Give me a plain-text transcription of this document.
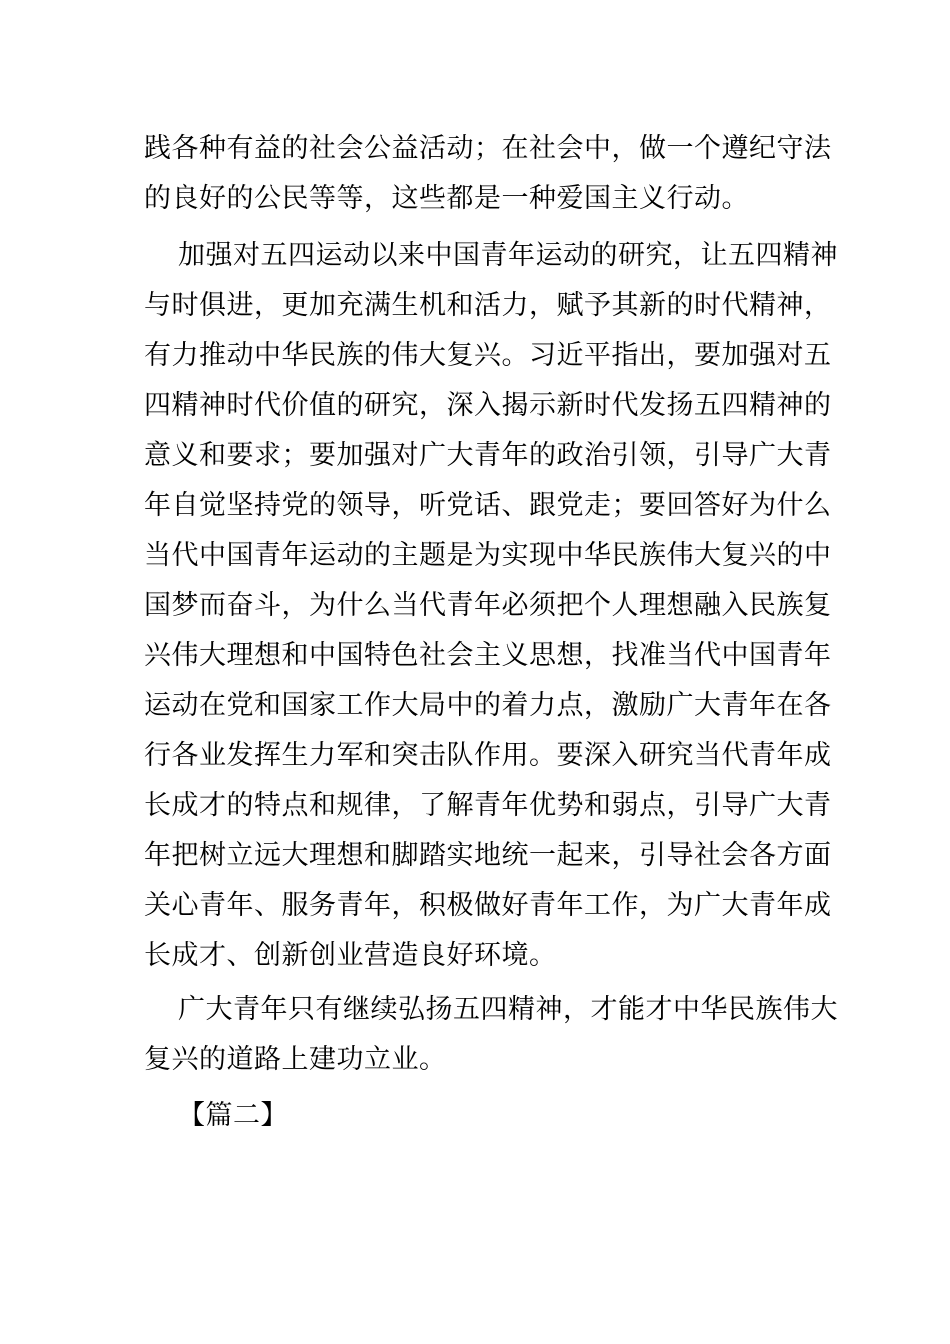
践各种有益的社会公益活动；在社会中，做一个遵纪守法
的良好的公民等等，这些都是一种爱国主义行动。
加强对五四运动以来中国青年运动的研究，让五四精神
与时俱进，更加充满生机和活力，赋予其新的时代精神，
有力推动中华民族的伟大复兴。习近平指出，要加强对五
四精神时代价值的研究，深入揭示新时代发扬五四精神的
意义和要求；要加强对广大青年的政治引领，引导广大青
年自觉坚持党的领导，听党话、跟党走；要回答好为什么
当代中国青年运动的主题是为实现中华民族伟大复兴的中
国梦而奋斗，为什么当代青年必须把个人理想融入民族复
兴伟大理想和中国特色社会主义思想，找准当代中国青年
运动在党和国家工作大局中的着力点，激励广大青年在各
行各业发挥生力军和突击队作用。要深入研究当代青年成
长成才的特点和规律，了解青年优势和弱点，引导广大青
年把树立远大理想和脚踏实地统一起来，引导社会各方面
关心青年、服务青年，积极做好青年工作，为广大青年成
长成才、创新创业营造良好环境。
广大青年只有继续弘扬五四精神，才能才中华民族伟大
复兴的道路上建功立业。
【篇二】
